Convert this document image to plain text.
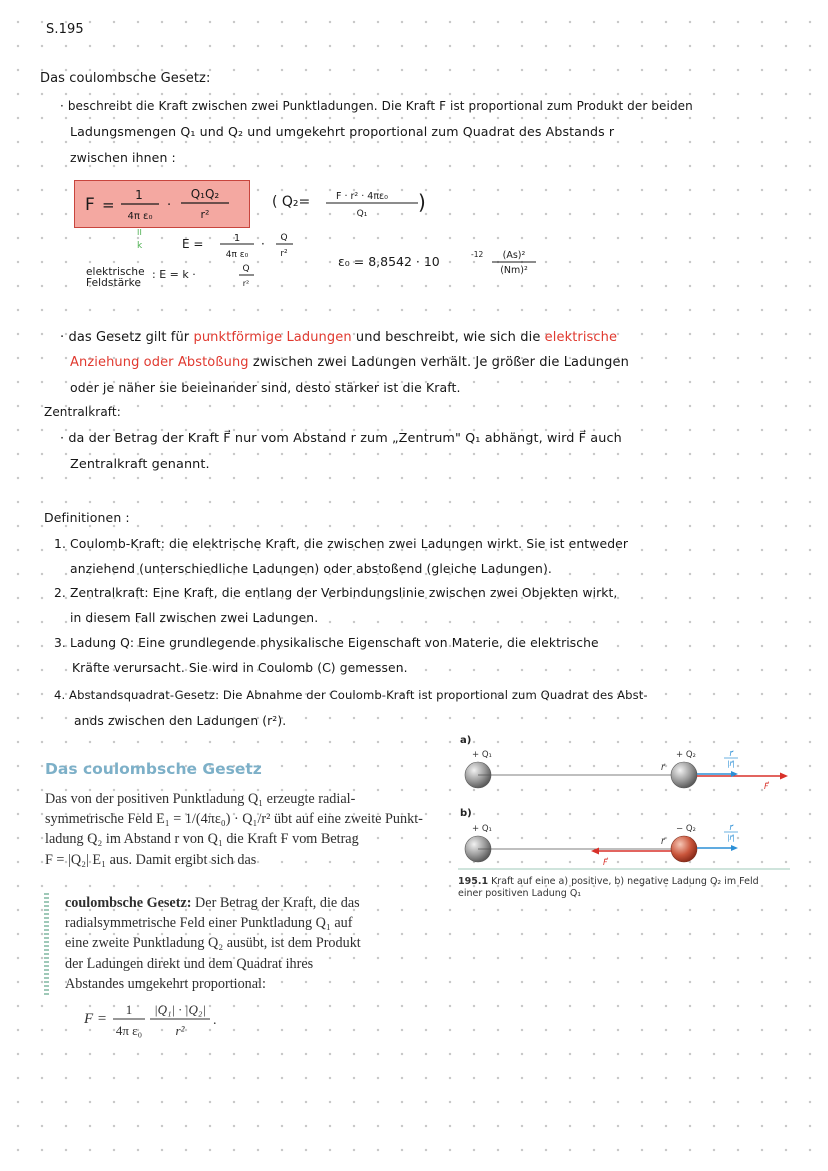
S.195
Das coulombsche Gesetz:
· beschreibt die Kraft zwischen zwei Punktladungen. Die Kraft F ist proportional zum Produkt der beiden
Ladungsmengen Q₁ und Q₂ und umgekehrt proportional zum Quadrat des Abstands r
zwischen ihnen :
F =
1
4π ε₀
·
Q₁Q₂
r²
( Q₂=	F · r² · 4πε₀
Q₁	)
II
k	E =	1
4π ε₀
· Q
r²	ε₀ = 8,8542 · 10	-12 (As)²
(Nm)²
elektrische
Feldstärke
: E = k ·	Q
r²
· das Gesetz gilt für punktförmige Ladungen und beschreibt, wie sich die elektrische
Anziehung oder Abstoßung zwischen zwei Ladungen verhält. Je größer die Ladungen
oder je näher sie beieinander sind, desto stärker ist die Kraft.
Zentralkraft:
· da der Betrag der Kraft F⃗ nur vom Abstand r zum „Zentrum" Q₁ abhängt, wird F⃗ auch
Zentralkraft genannt.
Definitionen :
1. Coulomb-Kraft: die elektrische Kraft, die zwischen zwei Ladungen wirkt. Sie ist entweder
anziehend (unterschiedliche Ladungen) oder abstoßend (gleiche Ladungen).
2. Zentralkraft: Eine Kraft, die entlang der Verbindungslinie zwischen zwei Objekten wirkt,
in diesem Fall zwischen zwei Ladungen.
3. Ladung Q: Eine grundlegende physikalische Eigenschaft von Materie, die elektrische
Kräfte verursacht. Sie wird in Coulomb (C) gemessen.
4. Abstandsquadrat-Gesetz: Die Abnahme der Coulomb-Kraft ist proportional zum Quadrat des Abst-
ands zwischen den Ladungen (r²).
Das coulombsche Gesetz
Das von der positiven Punktladung Q₁ erzeugte radial-
symmetrische Feld E₁ = 1/(4πε₀) · Q₁/r² übt auf eine zweite Punkt-
ladung Q₂ im Abstand r von Q₁ die Kraft F vom Betrag
F = |Q₂| E₁ aus. Damit ergibt sich das
coulombsche Gesetz: Der Betrag der Kraft, die das
radialsymmetrische Feld einer Punktladung Q₁ auf
eine zweite Punktladung Q₂ ausübt, ist dem Produkt
der Ladungen direkt und dem Quadrat ihres
Abstandes umgekehrt proportional:
F =
1
4π ε₀
|Q₁| · |Q₂|
r²
.
a)
b)
+ Q₁
r⃗
+ Q₂
F⃗
r⃗
|r⃗|
+ Q₁
r⃗
F⃗
− Q₂	r⃗
|r⃗|
195.1 Kraft auf eine a) positive, b) negative Ladung Q₂ im Feld
einer positiven Ladung Q₁
